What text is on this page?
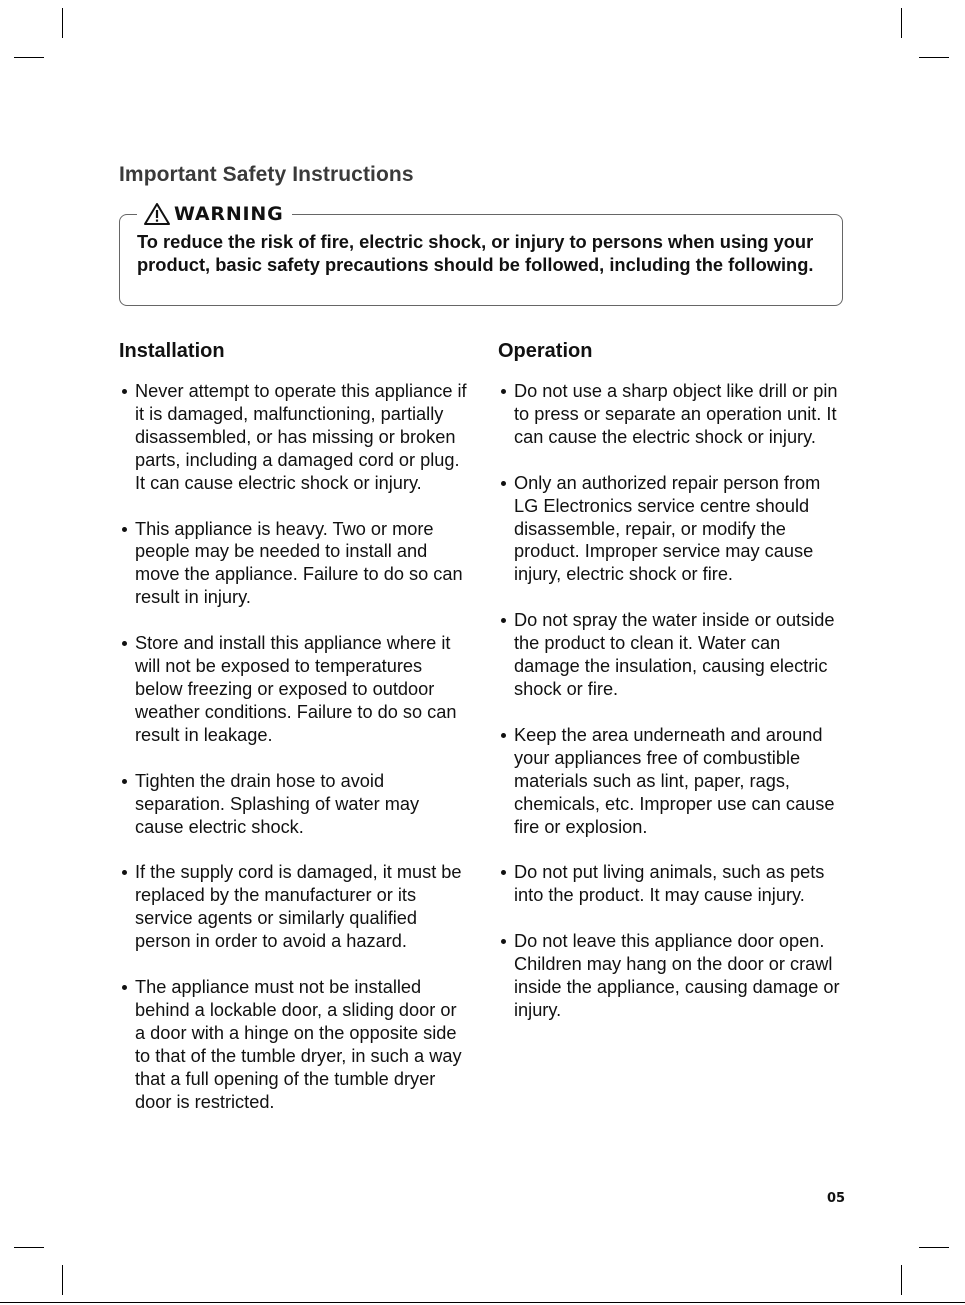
Important Safety Instructions
WARNING
To reduce the risk of fire, electric shock, or injury to persons when using your product, basic safety precautions should be followed, including the following.
Installation
Never attempt to operate this appliance if it is damaged, malfunctioning, partially disassembled, or has missing or broken parts, including a damaged cord or plug. It can cause electric shock or injury.
This appliance is heavy. Two or more people may be needed to install and move the appliance. Failure to do so can result in injury.
Store and install this appliance where it will not be exposed to temperatures below freezing or exposed to outdoor weather conditions. Failure to do so can result in leakage.
Tighten the drain hose to avoid separation. Splashing of water may cause electric shock.
If the supply cord is damaged, it must be replaced by the manufacturer or its service agents or similarly qualified person in order to avoid a hazard.
The appliance must not be installed behind a lockable door, a sliding door or a door with a hinge on the opposite side to that of the tumble dryer, in such a way that a full opening of the tumble dryer door is restricted.
Operation
Do not use a sharp object like drill or pin to press or separate an operation unit. It can cause the electric shock or injury.
Only an authorized repair person from LG Electronics service centre should disassemble, repair, or modify the product. Improper service may cause injury, electric shock or fire.
Do not spray the water inside or outside the product to clean it. Water can damage the insulation, causing electric shock or fire.
Keep the area underneath and around your appliances free of combustible materials such as lint, paper, rags, chemicals, etc. Improper use can cause fire or explosion.
Do not put living animals, such as pets into the product. It may cause injury.
Do not leave this appliance door open. Children may hang on the door or crawl inside the appliance, causing damage or injury.
05
